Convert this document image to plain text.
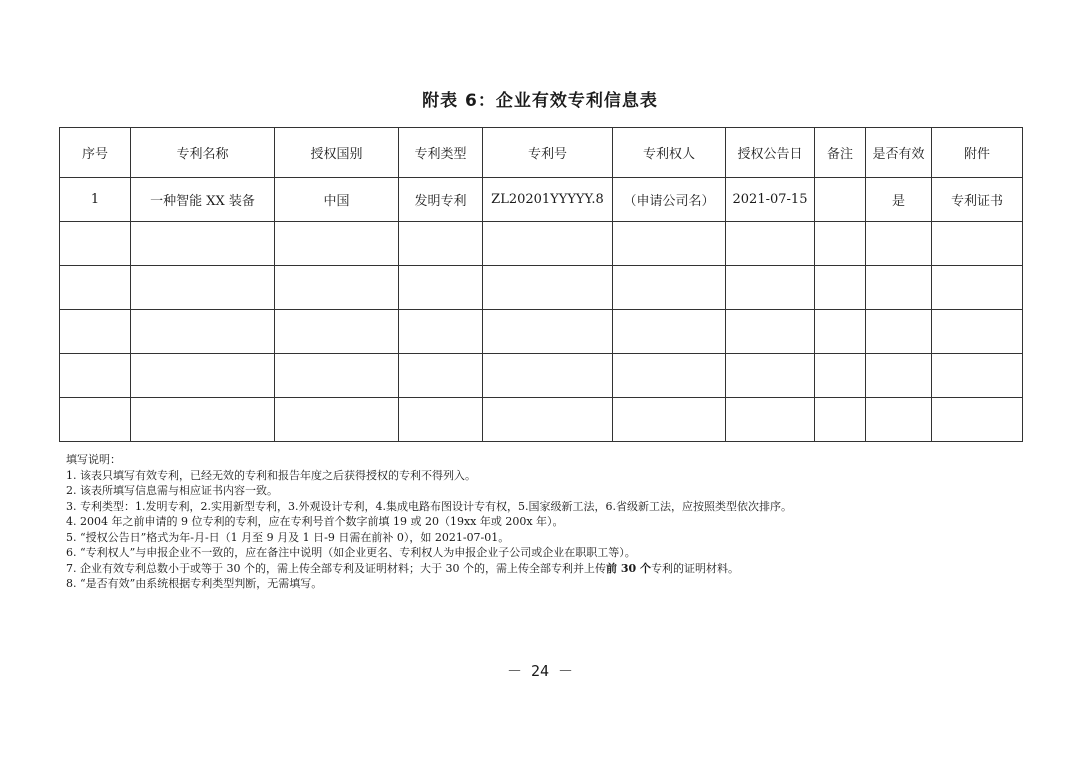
附表 6：企业有效专利信息表
序号	专利名称	授权国别	专利类型	专利号	专利权人	授权公告日	备注	是否有效	附件
1	一种智能 XX 装备	中国	发明专利	ZL20201YYYYY.8	（申请公司名）	2021-07-15		是	专利证书

填写说明：
1. 该表只填写有效专利，已经无效的专利和报告年度之后获得授权的专利不得列入。
2. 该表所填写信息需与相应证书内容一致。
3. 专利类型：1.发明专利，2.实用新型专利，3.外观设计专利，4.集成电路布图设计专有权，5.国家级新工法，6.省级新工法，应按照类型依次排序。
4. 2004 年之前申请的 9 位专利的专利，应在专利号首个数字前填 19 或 20（19xx 年或 200x 年）。
5. “授权公告日”格式为年-月-日（1 月至 9 月及 1 日-9 日需在前补 0），如 2021-07-01。
6. “专利权人”与申报企业不一致的，应在备注中说明（如企业更名、专利权人为申报企业子公司或企业在职职工等）。
7. 企业有效专利总数小于或等于 30 个的，需上传全部专利及证明材料；大于 30 个的，需上传全部专利并上传前 30 个专利的证明材料。
8. “是否有效”由系统根据专利类型判断，无需填写。
－ 24 －
